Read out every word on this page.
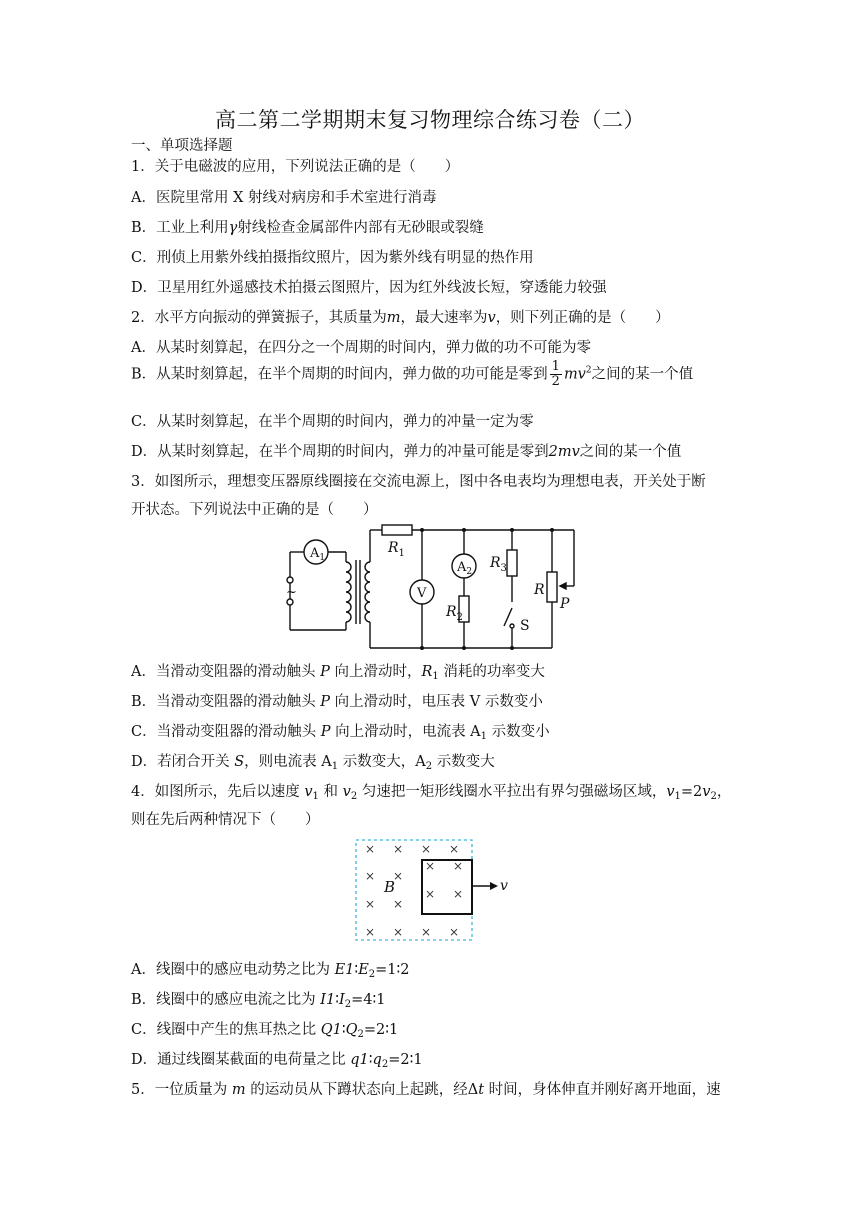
高二第二学期期末复习物理综合练习卷（二）
一、单项选择题
1．关于电磁波的应用，下列说法正确的是（　　）
A．医院里常用 X 射线对病房和手术室进行消毒
B．工业上利用γ射线检查金属部件内部有无砂眼或裂缝
C．刑侦上用紫外线拍摄指纹照片，因为紫外线有明显的热作用
D．卫星用红外遥感技术拍摄云图照片，因为红外线波长短，穿透能力较强
2．水平方向振动的弹簧振子，其质量为m，最大速率为v，则下列正确的是（　　）
A．从某时刻算起，在四分之一个周期的时间内，弹力做的功不可能为零
B．从某时刻算起，在半个周期的时间内，弹力做的功可能是零到 $\frac{1}{2} mv^2$之间的某一个值
C．从某时刻算起，在半个周期的时间内，弹力的冲量一定为零
D．从某时刻算起，在半个周期的时间内，弹力的冲量可能是零到2mv之间的某一个值
3．如图所示，理想变压器原线圈接在交流电源上，图中各电表均为理想电表，开关处于断
开状态。下列说法中正确的是（　　）
$A_1$
~
$R_1$
V
$A_2$
$R_2$
$R_3$
S
R
P
A．当滑动变阻器的滑动触头 P 向上滑动时，$R_1$ 消耗的功率变大
B．当滑动变阻器的滑动触头 P 向上滑动时，电压表 V 示数变小
C．当滑动变阻器的滑动触头 P 向上滑动时，电流表 $A_1$ 示数变小
D．若闭合开关 S，则电流表 $A_1$ 示数变大，$A_2$ 示数变大
4．如图所示，先后以速度 $v_1$ 和 $v_2$ 匀速把一矩形线圈水平拉出有界匀强磁场区域，$v_1=2v_2$，
则在先后两种情况下（　　）
×
×
×
×
×
×
×
×
× ×
× ×
× ×
× ×
B	v
A．线圈中的感应电动势之比为 $E1∶E_2=1∶2$
B．线圈中的感应电流之比为 $I1∶I_2=4∶1$
C．线圈中产生的焦耳热之比 $Q1∶Q_2=2∶1$
D．通过线圈某截面的电荷量之比 $q1∶q_2=2∶1$
5．一位质量为 m 的运动员从下蹲状态向上起跳，经Δt 时间，身体伸直并刚好离开地面，速
